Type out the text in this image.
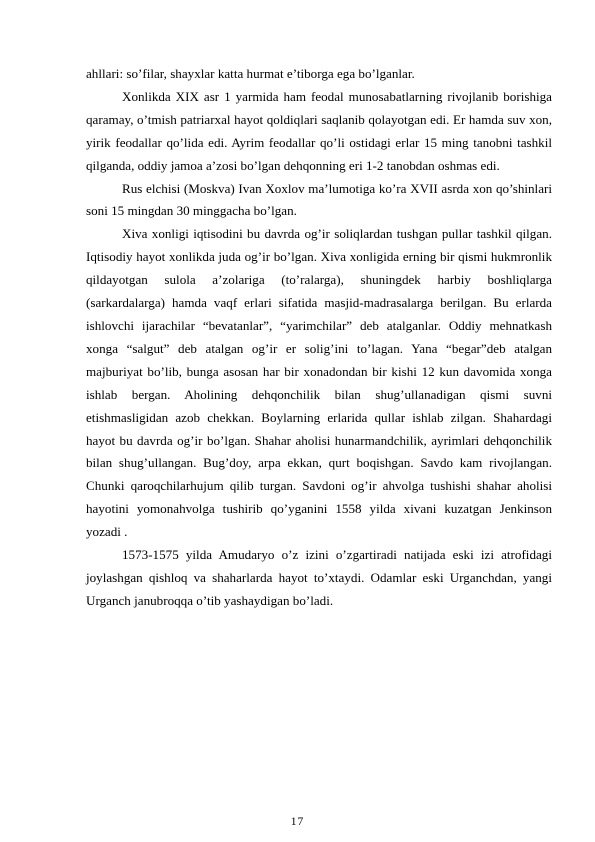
ahllari: so’filar, shayxlar katta hurmat e’tiborga ega bo’lganlar.

Xonlikda XIX asr 1 yarmida ham feodal munosabatlarning rivojlanib borishiga qaramay, o’tmish patriarxal hayot qoldiqlari saqlanib qolayotgan edi. Er hamda suv xon, yirik feodallar qo’lida edi. Ayrim feodallar qo’li ostidagi erlar 15 ming tanobni tashkil qilganda, oddiy jamoa a’zosi bo’lgan dehqonning eri 1-2 tanobdan oshmas edi.

Rus elchisi (Moskva) Ivan Xoxlov ma’lumotiga ko’ra XVII asrda xon qo’shinlari soni 15 mingdan 30 minggacha bo’lgan.

Xiva xonligi iqtisodini bu davrda og’ir soliqlardan tushgan pullar tashkil qilgan. Iqtisodiy hayot xonlikda juda og’ir bo’lgan. Xiva xonligida erning bir qismi hukmronlik qildayotgan sulola a’zolariga (to’ralarga), shuningdek harbiy boshliqlarga (sarkardalarga) hamda vaqf erlari sifatida masjid-madrasalarga berilgan. Bu erlarda ishlovchi ijarachilar “bevatanlar”, “yarimchilar” deb atalganlar. Oddiy mehnatkash xonga “salgut” deb atalgan og’ir er solig’ini to’lagan. Yana “begar”deb atalgan majburiyat bo’lib, bunga asosan har bir xonadondan bir kishi 12 kun davomida xonga ishlab bergan. Aholining dehqonchilik bilan shug’ullanadigan qismi suvni etishmasligidan azob chekkan. Boylarning erlarida qullar ishlab zilgan. Shahardagi hayot bu davrda og’ir bo’lgan. Shahar aholisi hunarmandchilik, ayrimlari dehqonchilik bilan shug’ullangan. Bug’doy, arpa ekkan, qurt boqishgan. Savdo kam rivojlangan. Chunki qaroqchilarhujum qilib turgan. Savdoni og’ir ahvolga tushishi shahar aholisi hayotini yomonahvolga tushirib qo’yganini 1558 yilda xivani kuzatgan Jenkinson yozadi .

1573-1575 yilda Amudaryo o’z izini o’zgartiradi natijada eski izi atrofidagi joylashgan qishloq va shaharlarda hayot to’xtaydi. Odamlar eski Urganchdan, yangi Urganch janubroqqa o’tib yashaydigan bo’ladi.

17
